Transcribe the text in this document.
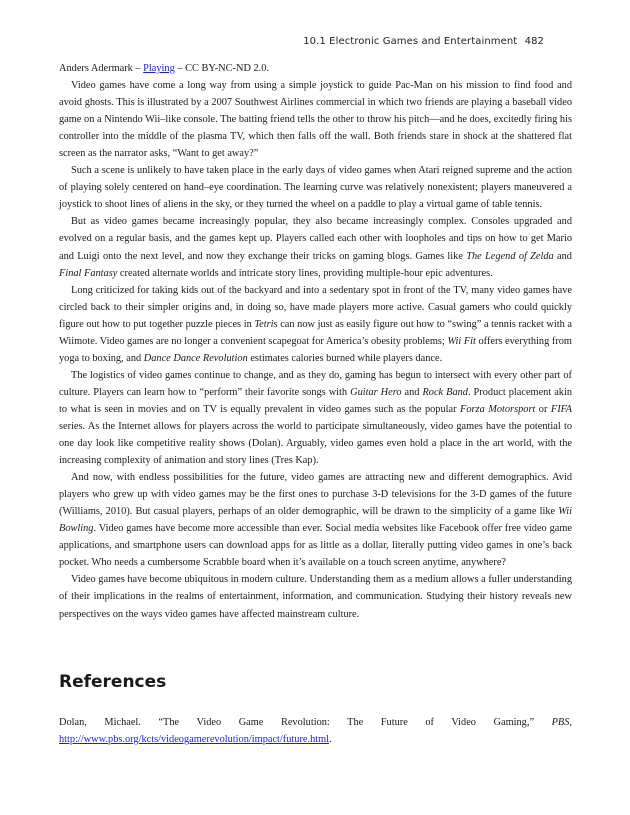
10.1 Electronic Games and Entertainment 482

Anders Adermark – Playing – CC BY-NC-ND 2.0.

Video games have come a long way from using a simple joystick to guide Pac-Man on his mission to find food and avoid ghosts. This is illustrated by a 2007 Southwest Airlines commercial in which two friends are playing a baseball video game on a Nintendo Wii–like console. The batting friend tells the other to throw his pitch—and he does, excitedly firing his controller into the middle of the plasma TV, which then falls off the wall. Both friends stare in shock at the shattered flat screen as the narrator asks, “Want to get away?”

Such a scene is unlikely to have taken place in the early days of video games when Atari reigned supreme and the action of playing solely centered on hand–eye coordination. The learning curve was relatively nonexistent; players maneuvered a joystick to shoot lines of aliens in the sky, or they turned the wheel on a paddle to play a virtual game of table tennis.

But as video games became increasingly popular, they also became increasingly complex. Consoles upgraded and evolved on a regular basis, and the games kept up. Players called each other with loopholes and tips on how to get Mario and Luigi onto the next level, and now they exchange their tricks on gaming blogs. Games like The Legend of Zelda and Final Fantasy created alternate worlds and intricate story lines, providing multiple-hour epic adventures.

Long criticized for taking kids out of the backyard and into a sedentary spot in front of the TV, many video games have circled back to their simpler origins and, in doing so, have made players more active. Casual gamers who could quickly figure out how to put together puzzle pieces in Tetris can now just as easily figure out how to “swing” a tennis racket with a Wiimote. Video games are no longer a convenient scapegoat for America’s obesity problems; Wii Fit offers everything from yoga to boxing, and Dance Dance Revolution estimates calories burned while players dance.

The logistics of video games continue to change, and as they do, gaming has begun to intersect with every other part of culture. Players can learn how to “perform” their favorite songs with Guitar Hero and Rock Band. Product placement akin to what is seen in movies and on TV is equally prevalent in video games such as the popular Forza Motorsport or FIFA series. As the Internet allows for players across the world to participate simultaneously, video games have the potential to one day look like competitive reality shows (Dolan). Arguably, video games even hold a place in the art world, with the increasing complexity of animation and story lines (Tres Kap).

And now, with endless possibilities for the future, video games are attracting new and different demographics. Avid players who grew up with video games may be the first ones to purchase 3-D televisions for the 3-D games of the future (Williams, 2010). But casual players, perhaps of an older demographic, will be drawn to the simplicity of a game like Wii Bowling. Video games have become more accessible than ever. Social media websites like Facebook offer free video game applications, and smartphone users can download apps for as little as a dollar, literally putting video games in one’s back pocket. Who needs a cumbersome Scrabble board when it’s available on a touch screen anytime, anywhere?

Video games have become ubiquitous in modern culture. Understanding them as a medium allows a fuller understanding of their implications in the realms of entertainment, information, and communication. Studying their history reveals new perspectives on the ways video games have affected mainstream culture.

References

Dolan, Michael. “The Video Game Revolution: The Future of Video Gaming,” PBS, http://www.pbs.org/kcts/videogamerevolution/impact/future.html.
